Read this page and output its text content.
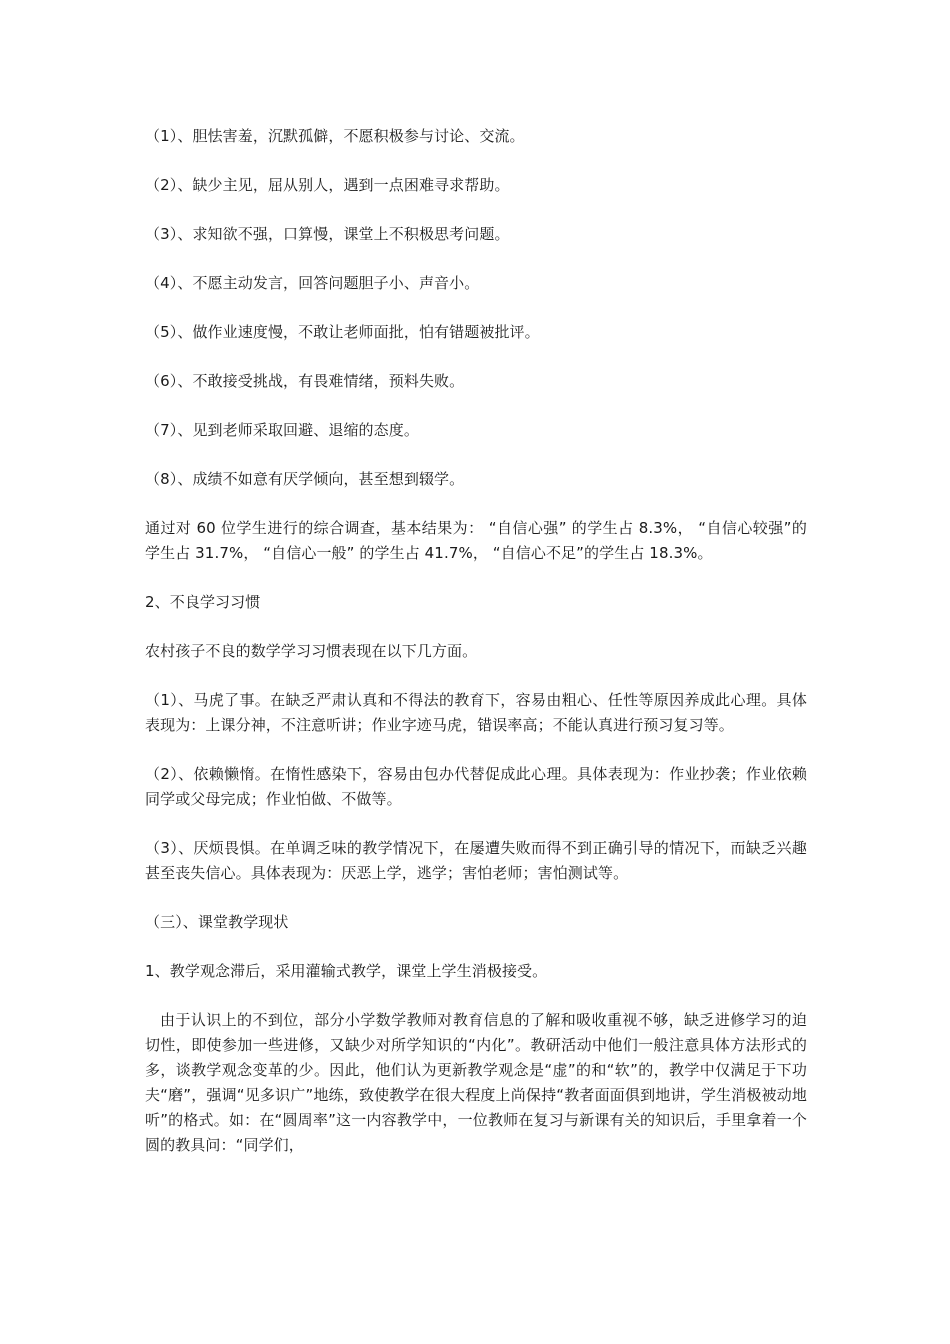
（1）、胆怯害羞，沉默孤僻，不愿积极参与讨论、交流。

（2）、缺少主见，屈从别人，遇到一点困难寻求帮助。

（3）、求知欲不强，口算慢，课堂上不积极思考问题。

（4）、不愿主动发言，回答问题胆子小、声音小。

（5）、做作业速度慢，不敢让老师面批，怕有错题被批评。

（6）、不敢接受挑战，有畏难情绪，预料失败。

（7）、见到老师采取回避、退缩的态度。

（8）、成绩不如意有厌学倾向，甚至想到辍学。

通过对 60 位学生进行的综合调查，基本结果为： “自信心强” 的学生占 8.3%， “自信心较强”的学生占 31.7%， “自信心一般” 的学生占 41.7%， “自信心不足”的学生占 18.3%。

2、不良学习习惯

农村孩子不良的数学学习习惯表现在以下几方面。

（1）、马虎了事。在缺乏严肃认真和不得法的教育下，容易由粗心、任性等原因养成此心理。具体表现为：上课分神，不注意听讲；作业字迹马虎，错误率高；不能认真进行预习复习等。

（2）、依赖懒惰。在惰性感染下，容易由包办代替促成此心理。具体表现为：作业抄袭；作业依赖同学或父母完成；作业怕做、不做等。

（3）、厌烦畏惧。在单调乏味的教学情况下，在屡遭失败而得不到正确引导的情况下，而缺乏兴趣甚至丧失信心。具体表现为：厌恶上学，逃学；害怕老师；害怕测试等。

（三）、课堂教学现状

1、教学观念滞后，采用灌输式教学，课堂上学生消极接受。

由于认识上的不到位，部分小学数学教师对教育信息的了解和吸收重视不够，缺乏进修学习的迫切性，即使参加一些进修，又缺少对所学知识的“内化”。教研活动中他们一般注意具体方法形式的多，谈教学观念变革的少。因此，他们认为更新教学观念是“虚”的和“软”的，教学中仅满足于下功夫“磨”，强调“见多识广”地练，致使教学在很大程度上尚保持“教者面面俱到地讲，学生消极被动地听”的格式。如：在“圆周率”这一内容教学中，一位教师在复习与新课有关的知识后，手里拿着一个圆的教具问：“同学们，
